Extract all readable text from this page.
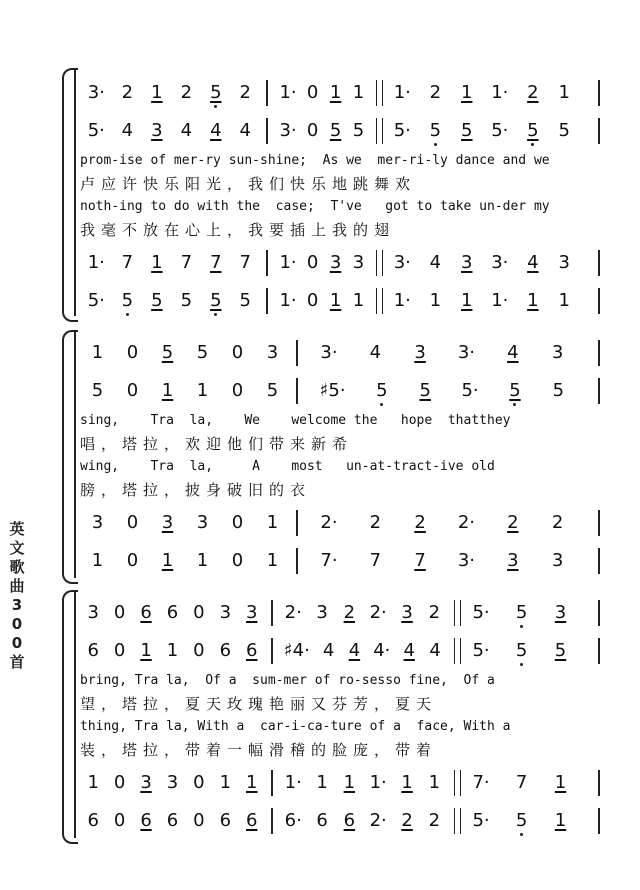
英
文
歌
曲
3
0
0
首
3· 2 1 2 5 2 1· 0 1 1 1· 2 1 1· 2 1
5· 4 3 4 4 4 3· 0 5 5 5· 5 5 5· 5 5
prom-ise of mer-ry sun-shine;  As we  mer-ri-ly dance and we
卢应许快乐阳光，我们快乐地跳舞欢
noth-ing to do with the  case;  T've   got to take un-der my
我毫不放在心上，我要插上我的翅
1· 7 1 7 7 7 1· 0 3 3 3· 4 3 3· 4 3
5· 5 5 5 5 5 1· 0 1 1 1· 1 1 1· 1 1
1 0 5 5 0 3 3· 4 3 3· 4 3
5 0 1 1 0 5 ♯5· 5 5 5· 5 5
sing,    Tra  la,    We    welcome the   hope  thatthey
唱，塔拉，欢迎他们带来新希
wing,    Tra  la,     A    most   un-at-tract-ive old
膀，塔拉，披身破旧的衣
3 0 3 3 0 1 2· 2 2 2· 2 2
1 0 1 1 0 1 7· 7 7 3· 3 3
3 0 6 6 0 3 3 2· 3 2 2· 3 2 5· 5 3
6 0 1 1 0 6 6 ♯4· 4 4 4· 4 4 5· 5 5
bring, Tra la,  Of a  sum-mer of ro-sesso fine,  Of a
望，塔拉，夏天玫瑰艳丽又芬芳，夏天
thing, Tra la, With a  car-i-ca-ture of a  face, With a
装，塔拉，带着一幅滑稽的脸庞，带着
1 0 3 3 0 1 1 1· 1 1 1· 1 1 7· 7 1
6 0 6 6 0 6 6 6· 6 6 2· 2 2 5· 5 1
